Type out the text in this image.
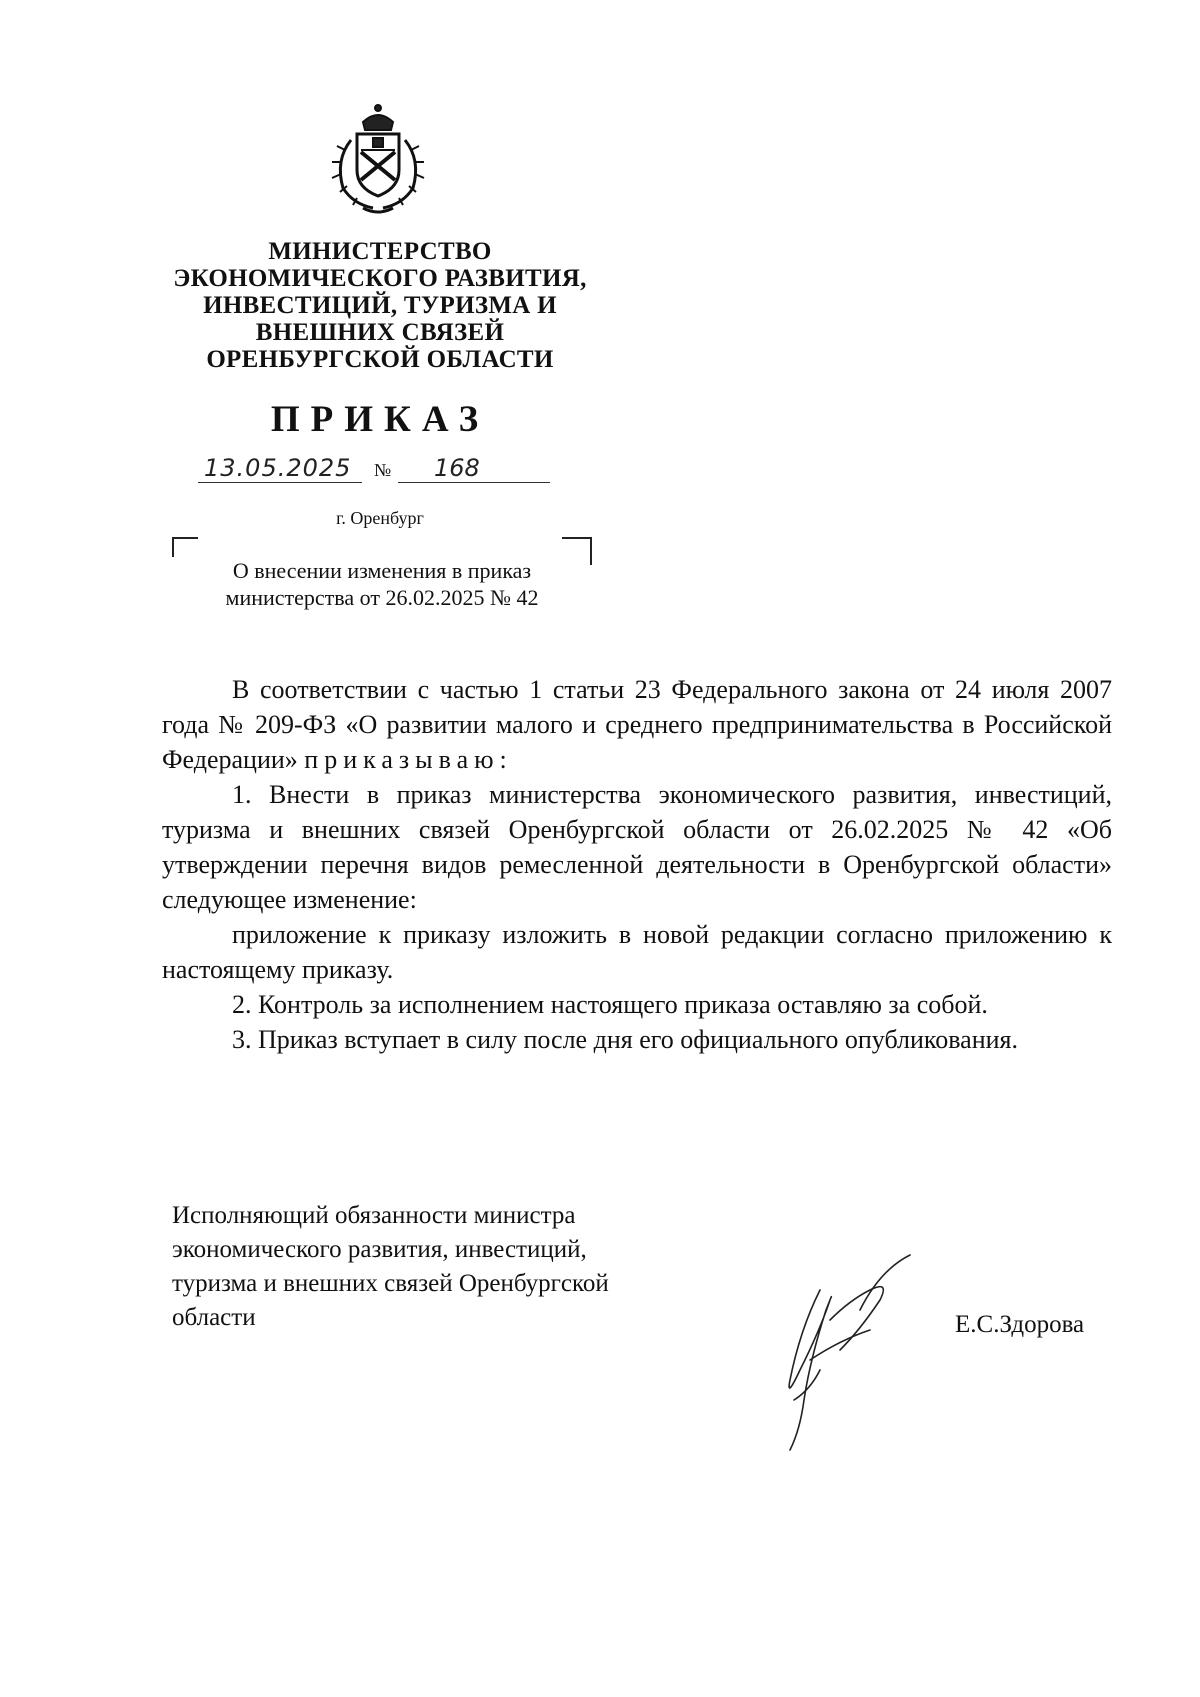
МИНИСТЕРСТВО
ЭКОНОМИЧЕСКОГО РАЗВИТИЯ,
ИНВЕСТИЦИЙ, ТУРИЗМА И
ВНЕШНИХ СВЯЗЕЙ
ОРЕНБУРГСКОЙ ОБЛАСТИ
ПРИКАЗ
13.05.2025	№	168
г. Оренбург
О внесении изменения в приказ
министерства от 26.02.2025 № 42

В соответствии с частью 1 статьи 23 Федерального закона от 24 июля 2007 года № 209-ФЗ «О развитии малого и среднего предпринимательства в Российской Федерации» приказываю:

1. Внести в приказ министерства экономического развития, инвестиций, туризма и внешних связей Оренбургской области от 26.02.2025 № 42 «Об утверждении перечня видов ремесленной деятельности в Оренбургской области» следующее изменение:

приложение к приказу изложить в новой редакции согласно приложению к настоящему приказу.

2. Контроль за исполнением настоящего приказа оставляю за собой.

3. Приказ вступает в силу после дня его официального опубликования.

Исполняющий обязанности министра
экономического развития, инвестиций,
туризма и внешних связей Оренбургской
области	Е.С.Здорова
